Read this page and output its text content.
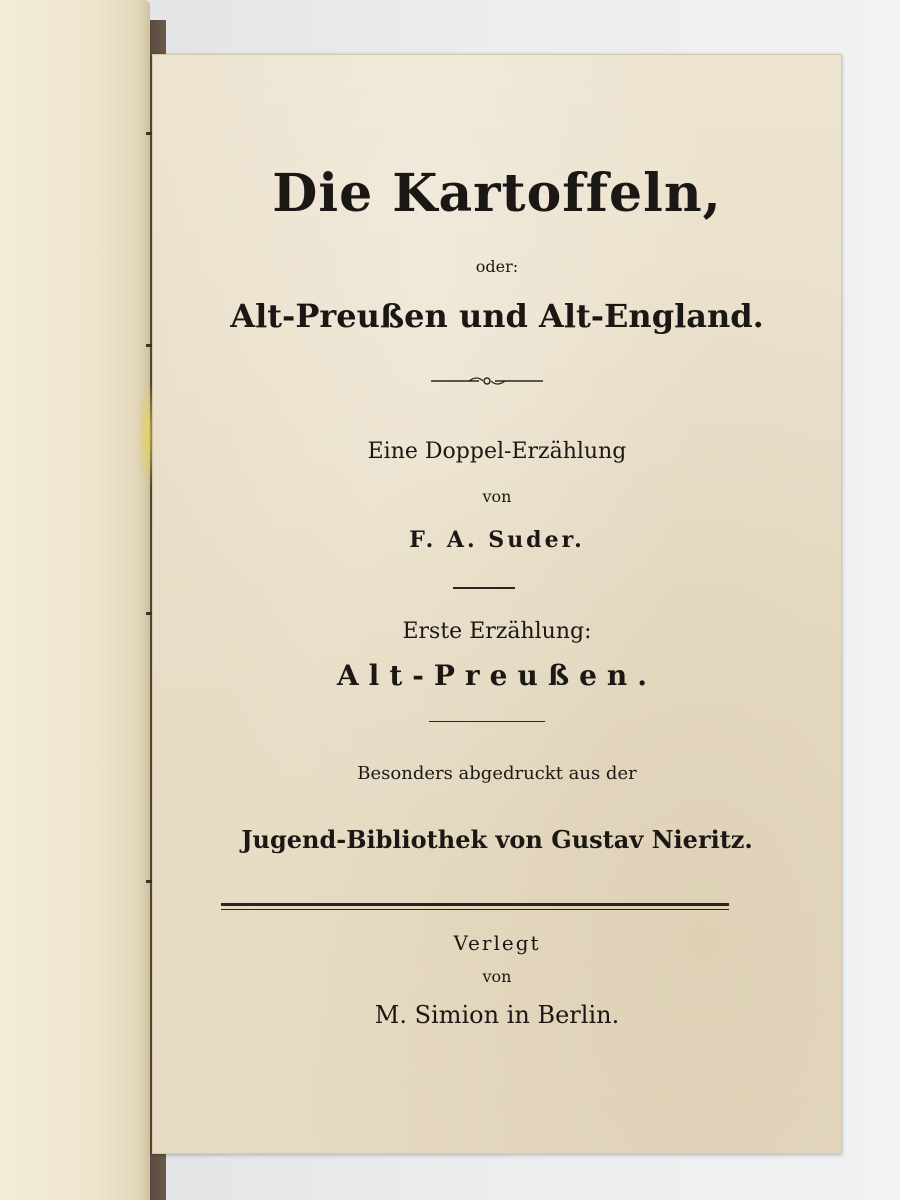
Die Kartoffeln,
oder:
Alt-Preußen und Alt-England.
Eine Doppel-Erzählung
von
F. A. Suder.
Erste Erzählung:
Alt-Preußen.
Besonders abgedruckt aus der
Jugend-Bibliothek von Gustav Nieritz.
Verlegt
von
M. Simion in Berlin.
